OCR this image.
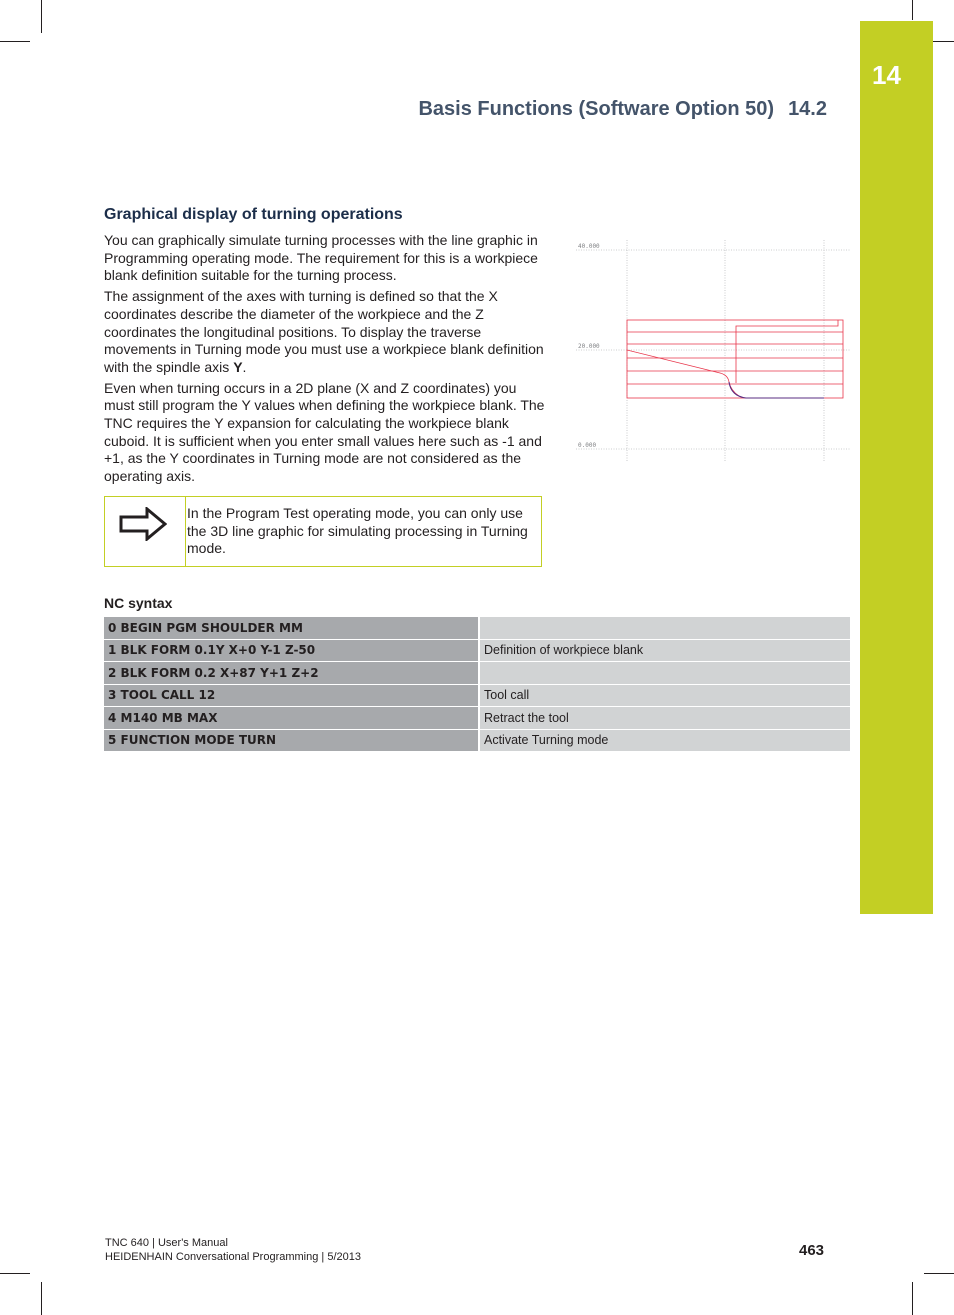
14
Basis Functions (Software Option 50) 14.2
Graphical display of turning operations

You can graphically simulate turning processes with the line graphic in Programming operating mode. The requirement for this is a workpiece blank definition suitable for the turning process.

The assignment of the axes with turning is defined so that the X coordinates describe the diameter of the workpiece and the Z coordinates the longitudinal positions. To display the traverse movements in Turning mode you must use a workpiece blank definition with the spindle axis Y.

Even when turning occurs in a 2D plane (X and Z coordinates) you must still program the Y values when defining the workpiece blank. The TNC requires the Y expansion for calculating the workpiece blank cuboid. It is sufficient when you enter small values here such as -1 and +1, as the Y coordinates in Turning mode are not considered as the operating axis.

In the Program Test operating mode, you can only use the 3D line graphic for simulating processing in Turning mode.
40.000
20.000
0.000
NC syntax
0 BEGIN PGM SHOULDER MM	
1 BLK FORM 0.1Y X+0 Y-1 Z-50	Definition of workpiece blank
2 BLK FORM 0.2 X+87 Y+1 Z+2	
3 TOOL CALL 12	Tool call
4 M140 MB MAX	Retract the tool
5 FUNCTION MODE TURN	Activate Turning mode
TNC 640 | User's Manual
HEIDENHAIN Conversational Programming | 5/2013	463
